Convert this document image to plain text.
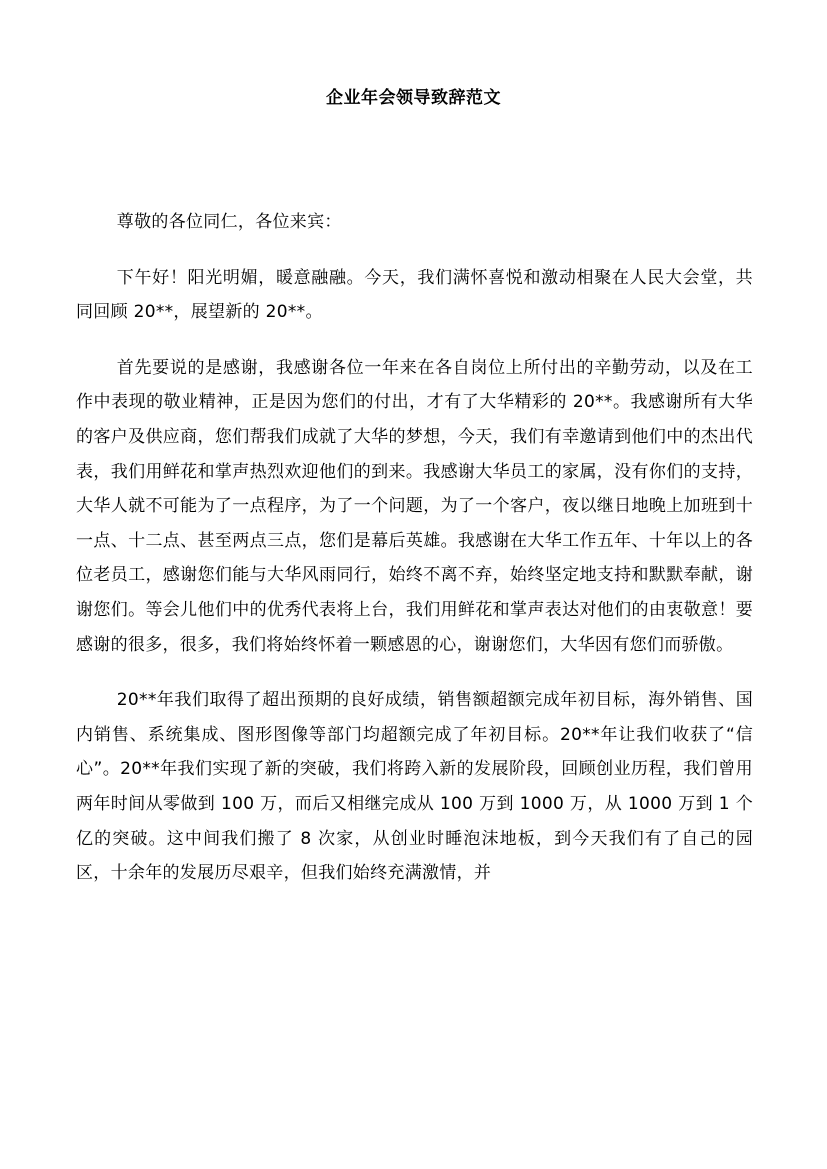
企业年会领导致辞范文

尊敬的各位同仁，各位来宾：

下午好！阳光明媚，暖意融融。今天，我们满怀喜悦和激动相聚在人民大会堂，共同回顾 20**，展望新的 20**。

首先要说的是感谢，我感谢各位一年来在各自岗位上所付出的辛勤劳动，以及在工作中表现的敬业精神，正是因为您们的付出，才有了大华精彩的 20**。我感谢所有大华的客户及供应商，您们帮我们成就了大华的梦想，今天，我们有幸邀请到他们中的杰出代表，我们用鲜花和掌声热烈欢迎他们的到来。我感谢大华员工的家属，没有你们的支持，大华人就不可能为了一点程序，为了一个问题，为了一个客户，夜以继日地晚上加班到十一点、十二点、甚至两点三点，您们是幕后英雄。我感谢在大华工作五年、十年以上的各位老员工，感谢您们能与大华风雨同行，始终不离不弃，始终坚定地支持和默默奉献，谢谢您们。等会儿他们中的优秀代表将上台，我们用鲜花和掌声表达对他们的由衷敬意！要感谢的很多，很多，我们将始终怀着一颗感恩的心，谢谢您们，大华因有您们而骄傲。

20**年我们取得了超出预期的良好成绩，销售额超额完成年初目标，海外销售、国内销售、系统集成、图形图像等部门均超额完成了年初目标。20**年让我们收获了“信心”。20**年我们实现了新的突破，我们将跨入新的发展阶段，回顾创业历程，我们曾用两年时间从零做到 100 万，而后又相继完成从 100 万到 1000 万，从 1000 万到 1 个亿的突破。这中间我们搬了 8 次家，从创业时睡泡沫地板，到今天我们有了自己的园区，十余年的发展历尽艰辛，但我们始终充满激情，并
